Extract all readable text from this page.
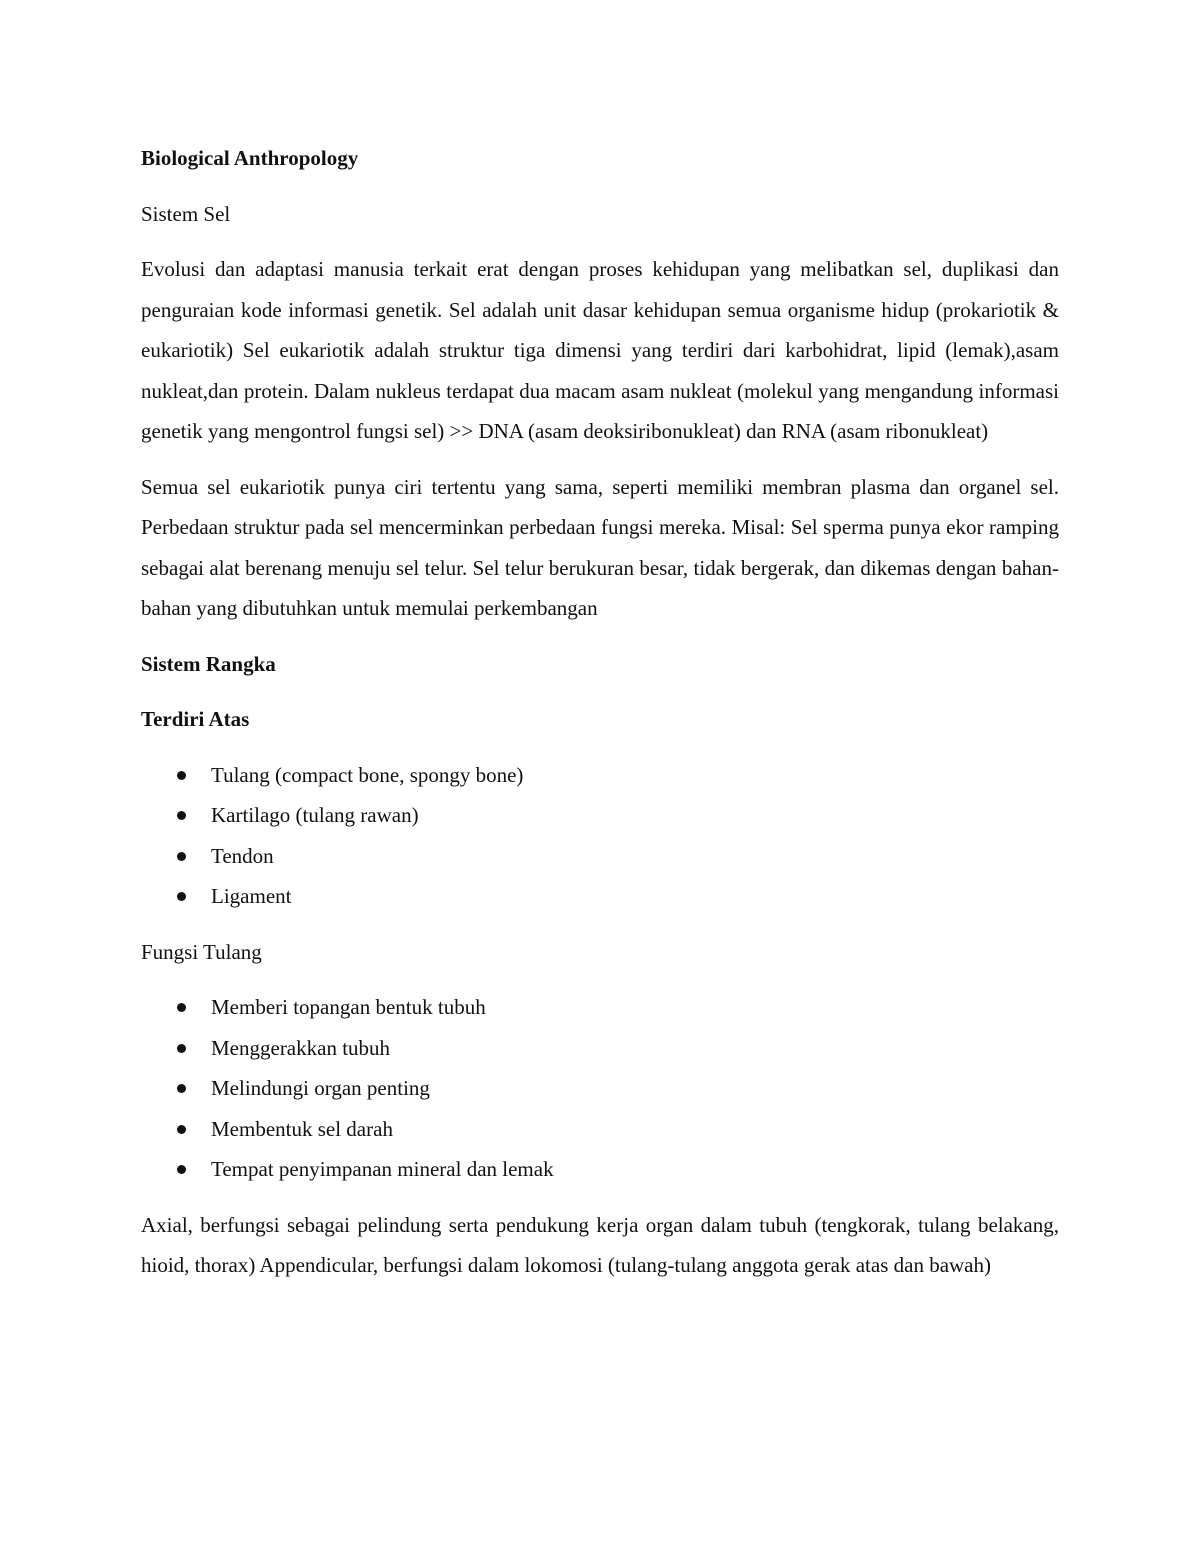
Biological Anthropology
Sistem Sel

Evolusi dan adaptasi manusia terkait erat dengan proses kehidupan yang melibatkan sel, duplikasi dan penguraian kode informasi genetik. Sel adalah unit dasar kehidupan semua organisme hidup (prokariotik & eukariotik) Sel eukariotik adalah struktur tiga dimensi yang terdiri dari karbohidrat, lipid (lemak),asam nukleat,dan protein. Dalam nukleus terdapat dua macam asam nukleat (molekul yang mengandung informasi genetik yang mengontrol fungsi sel) >> DNA (asam deoksiribonukleat) dan RNA (asam ribonukleat)

Semua sel eukariotik punya ciri tertentu yang sama, seperti memiliki membran plasma dan organel sel. Perbedaan struktur pada sel mencerminkan perbedaan fungsi mereka. Misal: Sel sperma punya ekor ramping sebagai alat berenang menuju sel telur. Sel telur berukuran besar, tidak bergerak, dan dikemas dengan bahan-bahan yang dibutuhkan untuk memulai perkembangan

Sistem Rangka
Terdiri Atas
Tulang (compact bone, spongy bone)
Kartilago (tulang rawan)
Tendon
Ligament
Fungsi Tulang
Memberi topangan bentuk tubuh
Menggerakkan tubuh
Melindungi organ penting
Membentuk sel darah
Tempat penyimpanan mineral dan lemak

Axial, berfungsi sebagai pelindung serta pendukung kerja organ dalam tubuh (tengkorak, tulang belakang, hioid, thorax) Appendicular, berfungsi dalam lokomosi (tulang-tulang anggota gerak atas dan bawah)
